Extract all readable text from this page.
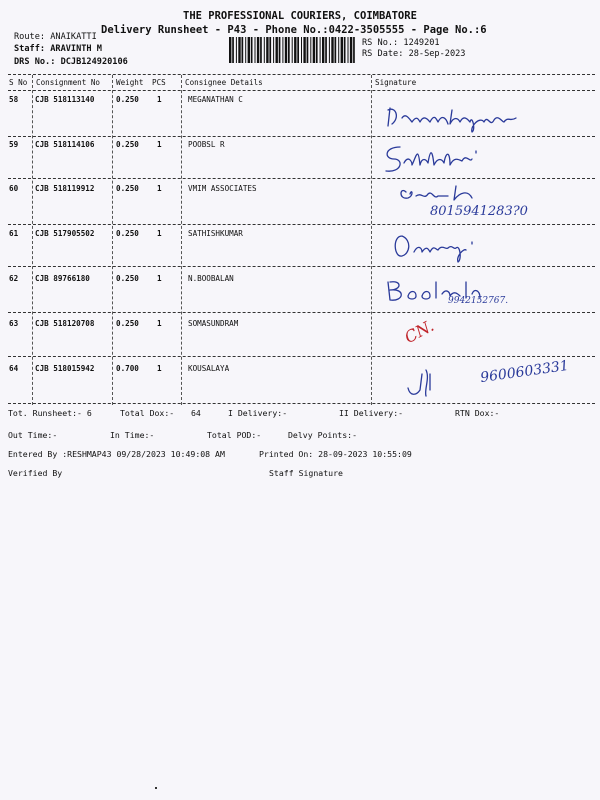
THE PROFESSIONAL COURIERS, COIMBATORE
Delivery Runsheet - P43 - Phone No.:0422-3505555 - Page No.:6
Route: ANAIKATTI
Staff: ARAVINTH M
DRS No.: DCJB124920106
RS No.: 1249201
RS Date: 28-Sep-2023
S No Consignment No Weight PCS	Consignee Details	Signature
58 CJB 518113140	0.250 1	MEGANATHAN C
59 CJB 518114106	0.250 1	POOBSL R
60 CJB 518119912	0.250 1	VMIM ASSOCIATES
61 CJB 517905502	0.250 1	SATHISHKUMAR
62 CJB 89766180	0.250 1	N.BOOBALAN
63 CJB 518120708	0.250 1	SOMASUNDRAM
64 CJB 518015942	0.700 1	KOUSALAYA
8015941283?0
9942152767.
CN.
9600603331
Tot. Runsheet:- 6	Total Dox:- 64	I Delivery:-	II Delivery:-	RTN Dox:-
Out Time:-	In Time:-	Total POD:-	Delvy Points:-
Entered By :RESHMAP43 09/28/2023 10:49:08 AM	Printed On: 28-09-2023 10:55:09
Verified By	Staff Signature
